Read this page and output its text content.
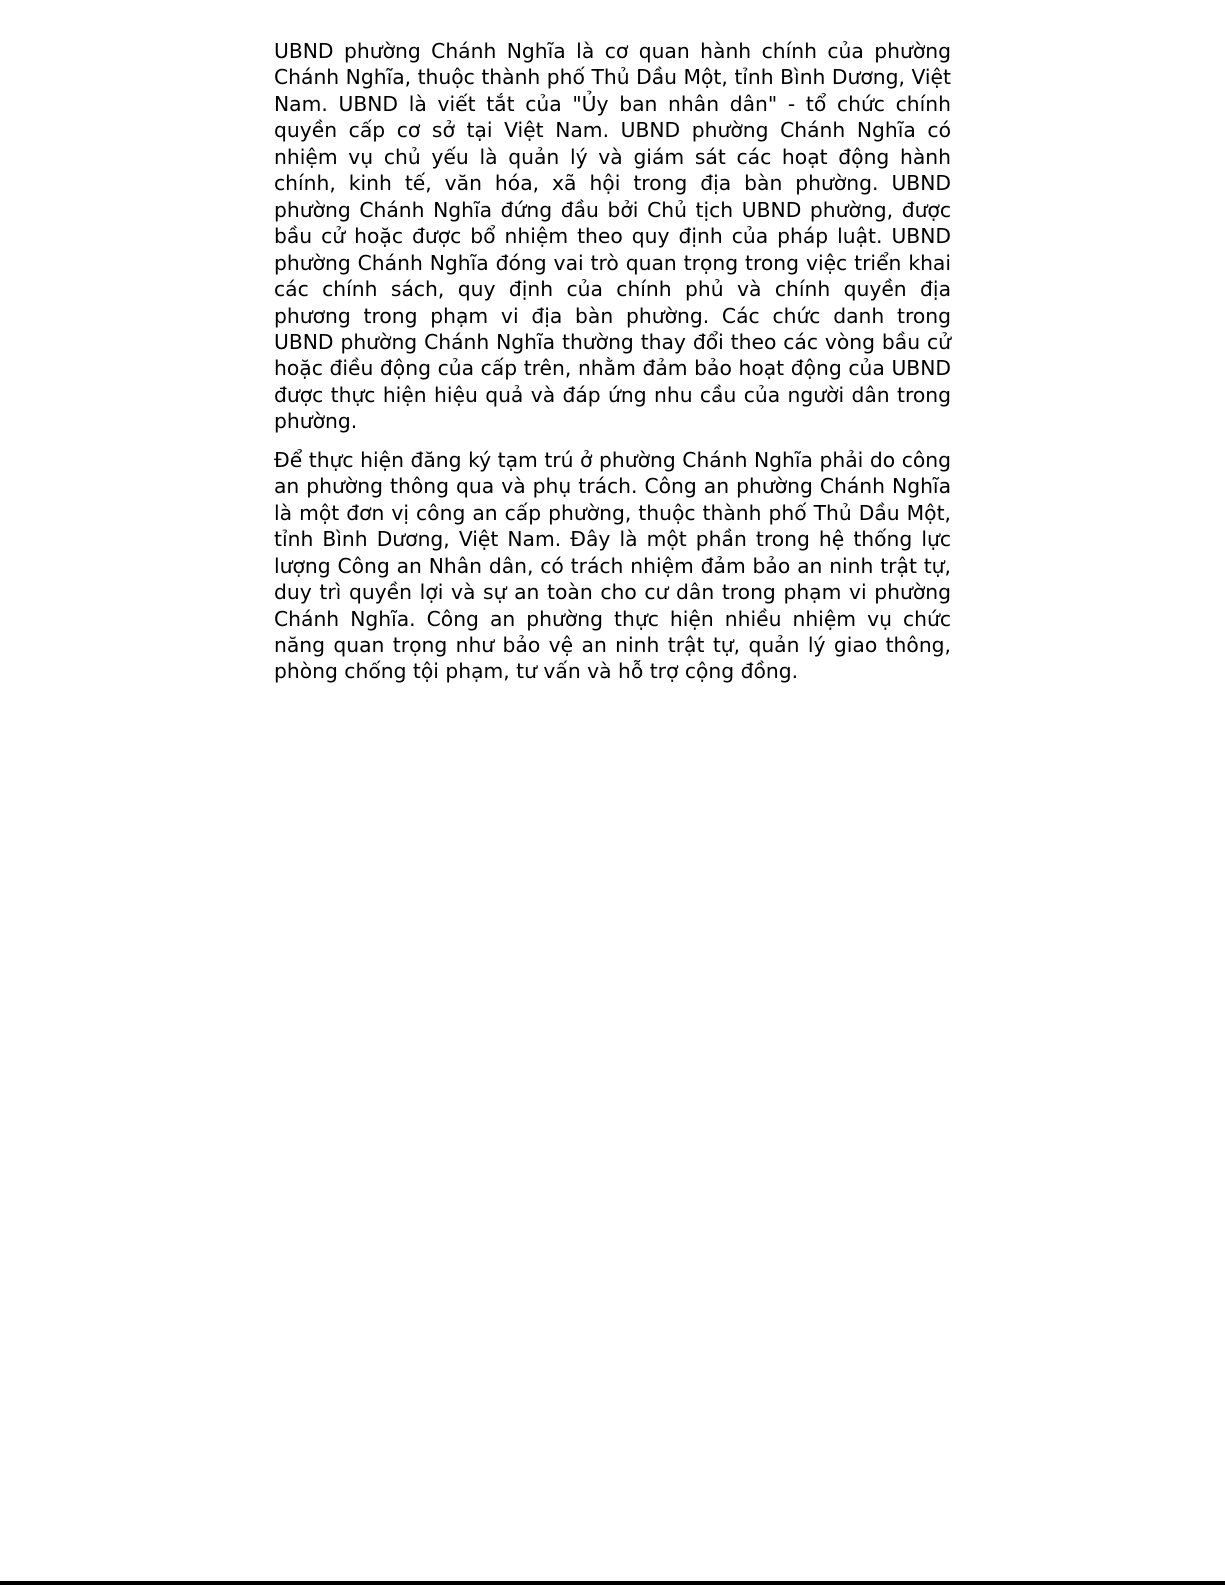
UBND phường Chánh Nghĩa là cơ quan hành chính của phường Chánh Nghĩa, thuộc thành phố Thủ Dầu Một, tỉnh Bình Dương, Việt Nam. UBND là viết tắt của "Ủy ban nhân dân" - tổ chức chính quyền cấp cơ sở tại Việt Nam. UBND phường Chánh Nghĩa có nhiệm vụ chủ yếu là quản lý và giám sát các hoạt động hành chính, kinh tế, văn hóa, xã hội trong địa bàn phường. UBND phường Chánh Nghĩa đứng đầu bởi Chủ tịch UBND phường, được bầu cử hoặc được bổ nhiệm theo quy định của pháp luật. UBND phường Chánh Nghĩa đóng vai trò quan trọng trong việc triển khai các chính sách, quy định của chính phủ và chính quyền địa phương trong phạm vi địa bàn phường. Các chức danh trong UBND phường Chánh Nghĩa thường thay đổi theo các vòng bầu cử hoặc điều động của cấp trên, nhằm đảm bảo hoạt động của UBND được thực hiện hiệu quả và đáp ứng nhu cầu của người dân trong phường.

Để thực hiện đăng ký tạm trú ở phường Chánh Nghĩa phải do công an phường thông qua và phụ trách. Công an phường Chánh Nghĩa là một đơn vị công an cấp phường, thuộc thành phố Thủ Dầu Một, tỉnh Bình Dương, Việt Nam. Đây là một phần trong hệ thống lực lượng Công an Nhân dân, có trách nhiệm đảm bảo an ninh trật tự, duy trì quyền lợi và sự an toàn cho cư dân trong phạm vi phường Chánh Nghĩa. Công an phường thực hiện nhiều nhiệm vụ chức năng quan trọng như bảo vệ an ninh trật tự, quản lý giao thông, phòng chống tội phạm, tư vấn và hỗ trợ cộng đồng.
